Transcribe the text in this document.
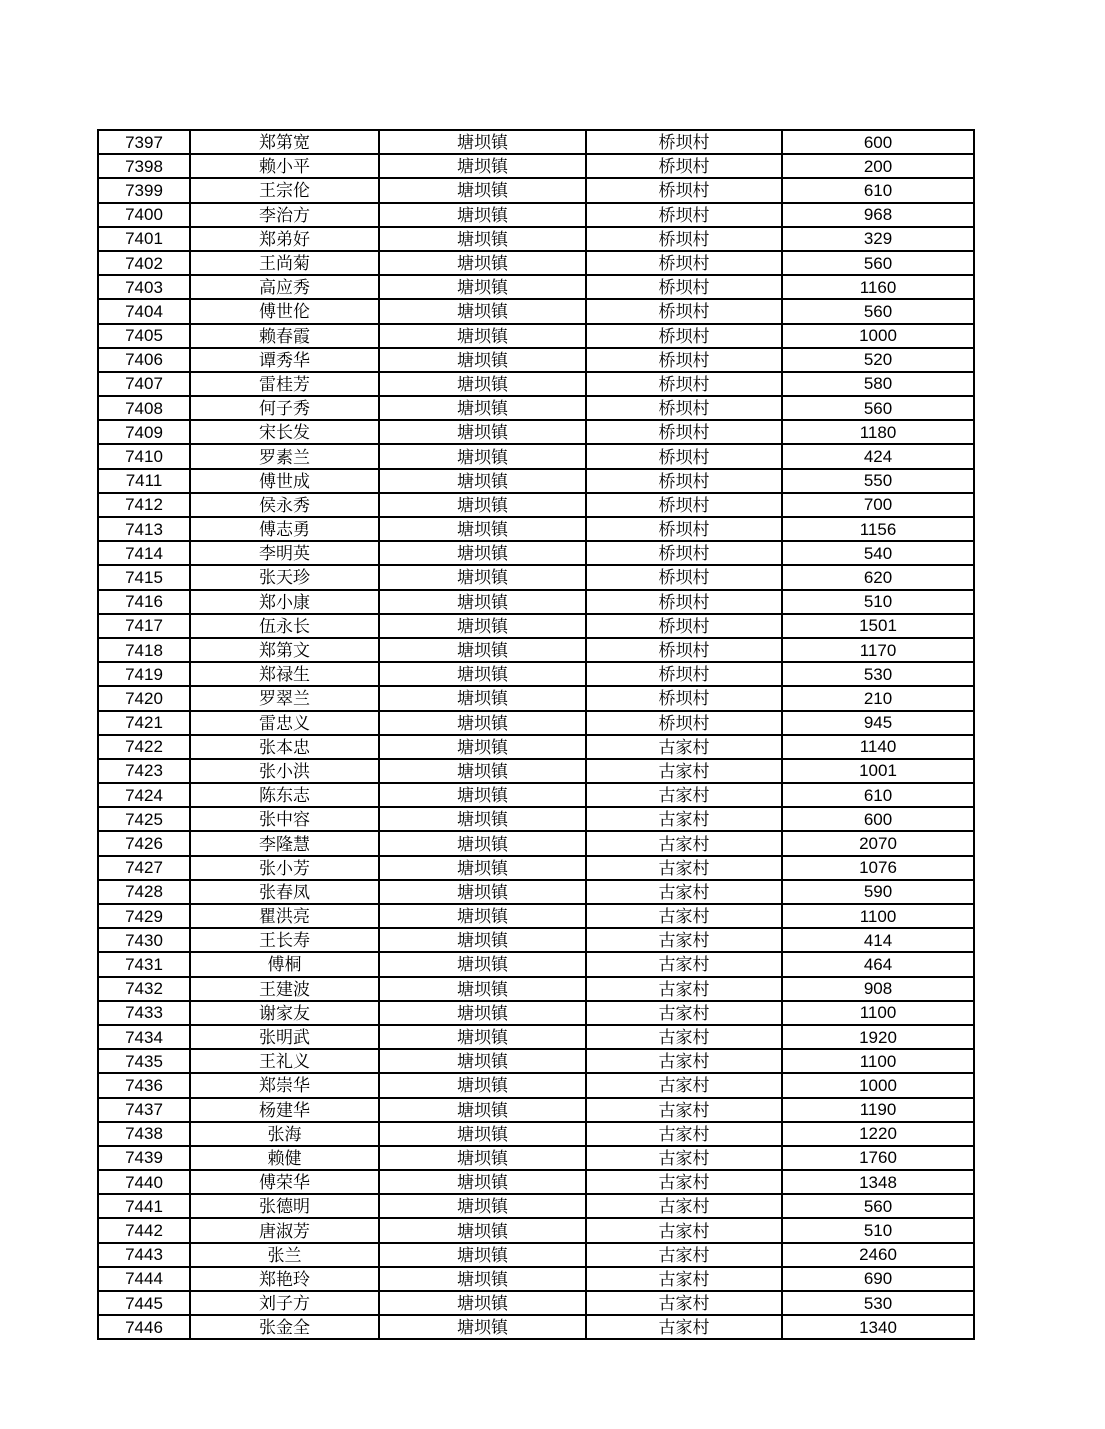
7397	郑第宽	塘坝镇	桥坝村	600
7398	赖小平	塘坝镇	桥坝村	200
7399	王宗伦	塘坝镇	桥坝村	610
7400	李治方	塘坝镇	桥坝村	968
7401	郑弟好	塘坝镇	桥坝村	329
7402	王尚菊	塘坝镇	桥坝村	560
7403	高应秀	塘坝镇	桥坝村	1160
7404	傅世伦	塘坝镇	桥坝村	560
7405	赖春霞	塘坝镇	桥坝村	1000
7406	谭秀华	塘坝镇	桥坝村	520
7407	雷桂芳	塘坝镇	桥坝村	580
7408	何子秀	塘坝镇	桥坝村	560
7409	宋长发	塘坝镇	桥坝村	1180
7410	罗素兰	塘坝镇	桥坝村	424
7411	傅世成	塘坝镇	桥坝村	550
7412	侯永秀	塘坝镇	桥坝村	700
7413	傅志勇	塘坝镇	桥坝村	1156
7414	李明英	塘坝镇	桥坝村	540
7415	张天珍	塘坝镇	桥坝村	620
7416	郑小康	塘坝镇	桥坝村	510
7417	伍永长	塘坝镇	桥坝村	1501
7418	郑第文	塘坝镇	桥坝村	1170
7419	郑禄生	塘坝镇	桥坝村	530
7420	罗翠兰	塘坝镇	桥坝村	210
7421	雷忠义	塘坝镇	桥坝村	945
7422	张本忠	塘坝镇	古家村	1140
7423	张小洪	塘坝镇	古家村	1001
7424	陈东志	塘坝镇	古家村	610
7425	张中容	塘坝镇	古家村	600
7426	李隆慧	塘坝镇	古家村	2070
7427	张小芳	塘坝镇	古家村	1076
7428	张春凤	塘坝镇	古家村	590
7429	瞿洪亮	塘坝镇	古家村	1100
7430	王长寿	塘坝镇	古家村	414
7431	傅桐	塘坝镇	古家村	464
7432	王建波	塘坝镇	古家村	908
7433	谢家友	塘坝镇	古家村	1100
7434	张明武	塘坝镇	古家村	1920
7435	王礼义	塘坝镇	古家村	1100
7436	郑崇华	塘坝镇	古家村	1000
7437	杨建华	塘坝镇	古家村	1190
7438	张海	塘坝镇	古家村	1220
7439	赖健	塘坝镇	古家村	1760
7440	傅荣华	塘坝镇	古家村	1348
7441	张德明	塘坝镇	古家村	560
7442	唐淑芳	塘坝镇	古家村	510
7443	张兰	塘坝镇	古家村	2460
7444	郑艳玲	塘坝镇	古家村	690
7445	刘子方	塘坝镇	古家村	530
7446	张金全	塘坝镇	古家村	1340
